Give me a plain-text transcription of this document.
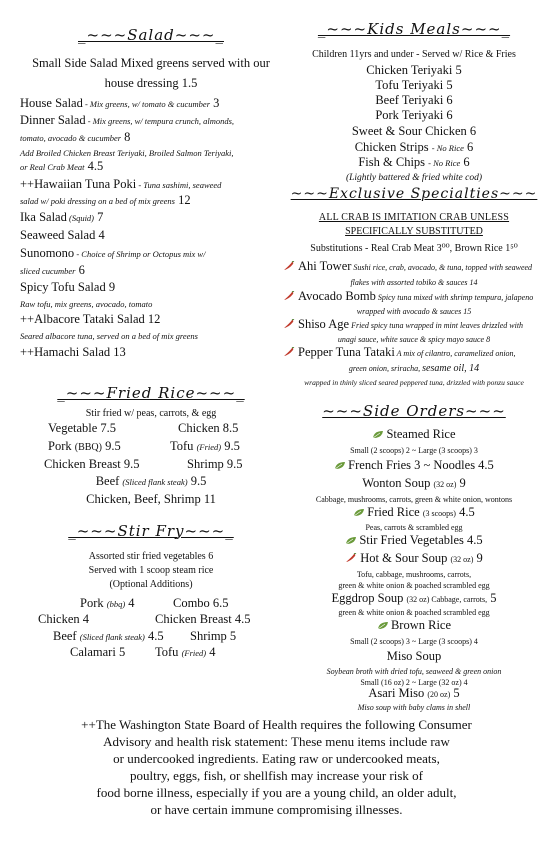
_~~~Salad~~~_
Small Side Salad Mixed greens served with our
house dressing 1.5
House Salad - Mix greens, w/ tomato & cucumber 3
Dinner Salad - Mix greens, w/ tempura crunch, almonds,
tomato, avocado & cucumber 8
Add Broiled Chicken Breast Teriyaki, Broiled Salmon Teriyaki,
or Real Crab Meat 4.5
++Hawaiian Tuna Poki - Tuna sashimi, seaweed
salad w/ poki dressing on a bed of mix greens 12
Ika Salad (Squid) 7
Seaweed Salad 4
Sunomono - Choice of Shrimp or Octopus mix w/
sliced cucumber 6
Spicy Tofu Salad 9
Raw tofu, mix greens, avocado, tomato
++Albacore Tataki Salad 12
Seared albacore tuna, served on a bed of mix greens
++Hamachi Salad 13
_~~~Fried Rice~~~_
Stir fried w/ peas, carrots, & egg
Vegetable 7.5	Chicken 8.5
Pork (BBQ) 9.5	Tofu (Fried) 9.5
Chicken Breast 9.5	Shrimp 9.5
Beef (Sliced flank steak) 9.5
Chicken, Beef, Shrimp 11
_~~~Stir Fry~~~_
Assorted stir fried vegetables 6
Served with 1 scoop steam rice
(Optional Additions)
Pork (bbq) 4	Combo 6.5
Chicken 4	Chicken Breast 4.5
Beef (Sliced flank steak) 4.5 Shrimp 5
Calamari 5 Tofu (Fried) 4
_~~~Kids Meals~~~_
Children 11yrs and under - Served w/ Rice & Fries
Chicken Teriyaki 5
Tofu Teriyaki 5
Beef Teriyaki 6
Pork Teriyaki 6
Sweet & Sour Chicken 6
Chicken Strips - No Rice 6
Fish & Chips - No Rice 6
(Lightly battered & fried white cod)
~~~Exclusive Specialties~~~
ALL CRAB IS IMITATION CRAB UNLESS
SPECIFICALLY SUBSTITUTED
Substitutions - Real Crab Meat 3⁰⁰, Brown Rice 1⁵⁰
Ahi Tower Sushi rice, crab, avocado, & tuna, topped with seaweed
flakes with assorted tobiko & sauces 14
Avocado Bomb Spicy tuna mixed with shrimp tempura, jalapeno
wrapped with avocado & sauces 15
Shiso Age Fried spicy tuna wrapped in mint leaves drizzled with
unagi sauce, white sauce & spicy mayo sauce 8
Pepper Tuna Tataki A mix of cilantro, caramelized onion,
green onion, sriracha, sesame oil, 14
wrapped in thinly sliced seared peppered tuna, drizzled with ponzu sauce
~~~Side Orders~~~
Steamed Rice
Small (2 scoops) 2 ~ Large (3 scoops) 3
French Fries 3 ~ Noodles 4.5
Wonton Soup (32 oz) 9
Cabbage, mushrooms, carrots, green & white onion, wontons
Fried Rice (3 scoops) 4.5
Peas, carrots & scrambled egg
Stir Fried Vegetables 4.5
Hot & Sour Soup (32 oz) 9
Tofu, cabbage, mushrooms, carrots,
green & white onion & poached scrambled egg
Eggdrop Soup (32 oz) Cabbage, carrots, 5
green & white onion & poached scrambled egg
Brown Rice
Small (2 scoops) 3 ~ Large (3 scoops) 4
Miso Soup
Soybean broth with dried tofu, seaweed & green onion
Small (16 oz) 2 ~ Large (32 oz) 4
Asari Miso (20 oz) 5
Miso soup with baby clams in shell
++The Washington State Board of Health requires the following Consumer
Advisory and health risk statement: These menu items include raw
or undercooked ingredients. Eating raw or undercooked meats,
poultry, eggs, fish, or shellfish may increase your risk of
food borne illness, especially if you are a young child, an older adult,
or have certain immune compromising illnesses.
